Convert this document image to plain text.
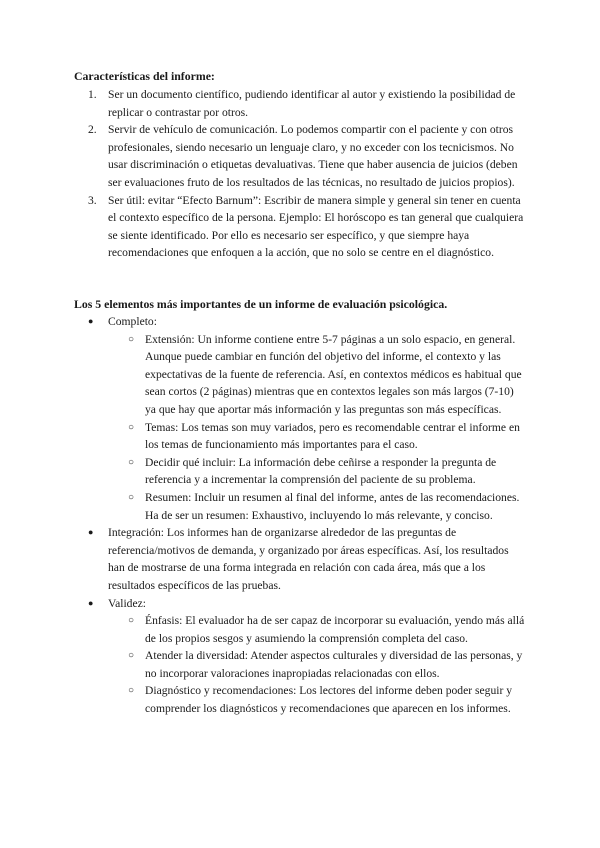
Características del informe:
1. Ser un documento científico, pudiendo identificar al autor y existiendo la posibilidad de replicar o contrastar por otros.
2. Servir de vehículo de comunicación. Lo podemos compartir con el paciente y con otros profesionales, siendo necesario un lenguaje claro, y no exceder con los tecnicismos. No usar discriminación o etiquetas devaluativas. Tiene que haber ausencia de juicios (deben ser evaluaciones fruto de los resultados de las técnicas, no resultado de juicios propios).
3. Ser útil: evitar “Efecto Barnum”: Escribir de manera simple y general sin tener en cuenta el contexto específico de la persona. Ejemplo: El horóscopo es tan general que cualquiera se siente identificado. Por ello es necesario ser específico, y que siempre haya recomendaciones que enfoquen a la acción, que no solo se centre en el diagnóstico.
Los 5 elementos más importantes de un informe de evaluación psicológica.
● Completo:
○ Extensión: Un informe contiene entre 5-7 páginas a un solo espacio, en general. Aunque puede cambiar en función del objetivo del informe, el contexto y las expectativas de la fuente de referencia. Así, en contextos médicos es habitual que sean cortos (2 páginas) mientras que en contextos legales son más largos (7-10) ya que hay que aportar más información y las preguntas son más específicas.
○ Temas: Los temas son muy variados, pero es recomendable centrar el informe en los temas de funcionamiento más importantes para el caso.
○ Decidir qué incluir: La información debe ceñirse a responder la pregunta de referencia y a incrementar la comprensión del paciente de su problema.
○ Resumen: Incluir un resumen al final del informe, antes de las recomendaciones. Ha de ser un resumen: Exhaustivo, incluyendo lo más relevante, y conciso.
● Integración: Los informes han de organizarse alrededor de las preguntas de referencia/motivos de demanda, y organizado por áreas específicas. Así, los resultados han de mostrarse de una forma integrada en relación con cada área, más que a los resultados específicos de las pruebas.
● Validez:
○ Énfasis: El evaluador ha de ser capaz de incorporar su evaluación, yendo más allá de los propios sesgos y asumiendo la comprensión completa del caso.
○ Atender la diversidad: Atender aspectos culturales y diversidad de las personas, y no incorporar valoraciones inapropiadas relacionadas con ellos.
○ Diagnóstico y recomendaciones: Los lectores del informe deben poder seguir y comprender los diagnósticos y recomendaciones que aparecen en los informes.
